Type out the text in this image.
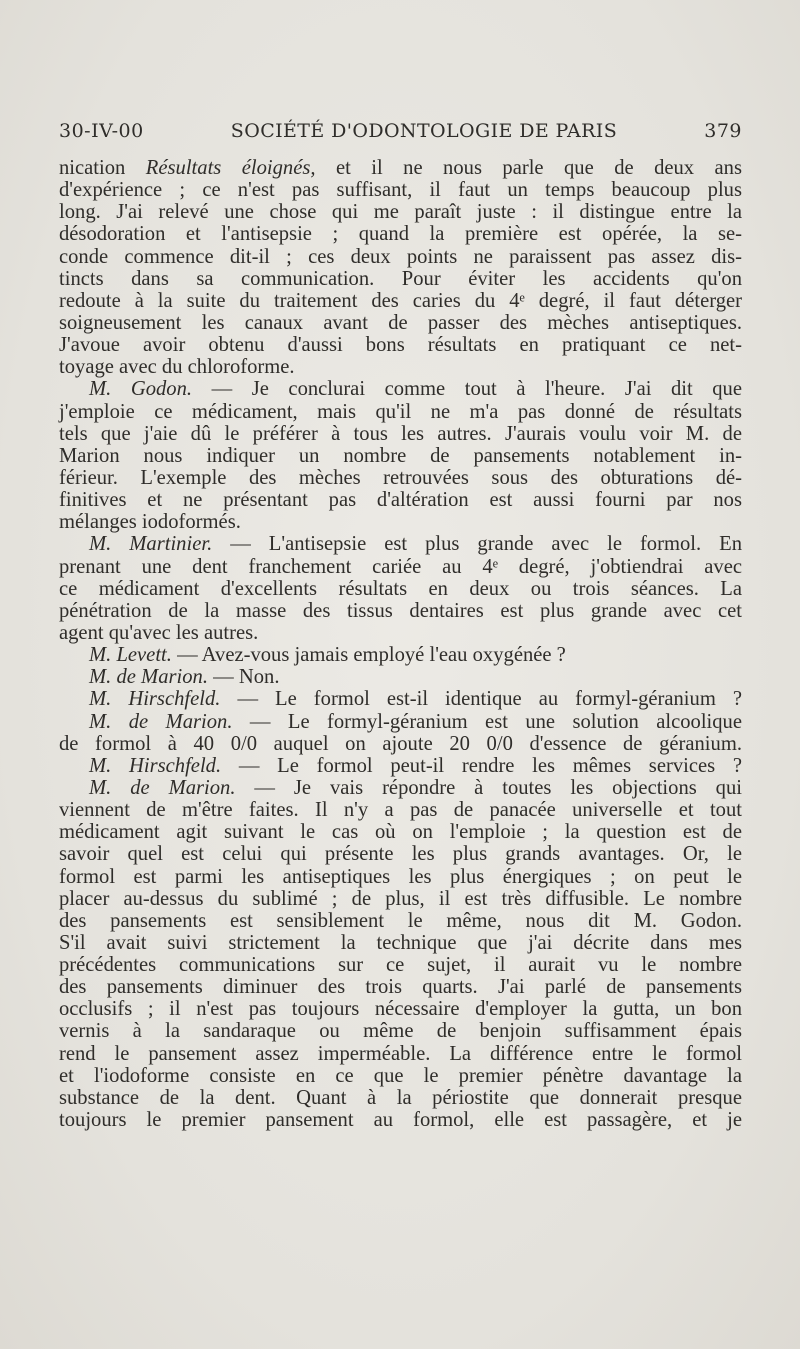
30-IV-00	SOCIÉTÉ D'ODONTOLOGIE DE PARIS	379
nication Résultats éloignés, et il ne nous parle que de deux ans
d'expérience ; ce n'est pas suffisant, il faut un temps beaucoup plus
long. J'ai relevé une chose qui me paraît juste : il distingue entre la
désodoration et l'antisepsie ; quand la première est opérée, la se-
conde commence dit-il ; ces deux points ne paraissent pas assez dis-
tincts dans sa communication. Pour éviter les accidents qu'on
redoute à la suite du traitement des caries du 4ᵉ degré, il faut déterger
soigneusement les canaux avant de passer des mèches antiseptiques.
J'avoue avoir obtenu d'aussi bons résultats en pratiquant ce net-
toyage avec du chloroforme.
M. Godon. — Je conclurai comme tout à l'heure. J'ai dit que
j'emploie ce médicament, mais qu'il ne m'a pas donné de résultats
tels que j'aie dû le préférer à tous les autres. J'aurais voulu voir M. de
Marion nous indiquer un nombre de pansements notablement in-
férieur. L'exemple des mèches retrouvées sous des obturations dé-
finitives et ne présentant pas d'altération est aussi fourni par nos
mélanges iodoformés.
M. Martinier. — L'antisepsie est plus grande avec le formol. En
prenant une dent franchement cariée au 4ᵉ degré, j'obtiendrai avec
ce médicament d'excellents résultats en deux ou trois séances. La
pénétration de la masse des tissus dentaires est plus grande avec cet
agent qu'avec les autres.
M. Levett. — Avez-vous jamais employé l'eau oxygénée ?
M. de Marion. — Non.
M. Hirschfeld. — Le formol est-il identique au formyl-géranium ?
M. de Marion. — Le formyl-géranium est une solution alcoolique
de formol à 40 0/0 auquel on ajoute 20 0/0 d'essence de géranium.
M. Hirschfeld. — Le formol peut-il rendre les mêmes services ?
M. de Marion. — Je vais répondre à toutes les objections qui
viennent de m'être faites. Il n'y a pas de panacée universelle et tout
médicament agit suivant le cas où on l'emploie ; la question est de
savoir quel est celui qui présente les plus grands avantages. Or, le
formol est parmi les antiseptiques les plus énergiques ; on peut le
placer au-dessus du sublimé ; de plus, il est très diffusible. Le nombre
des pansements est sensiblement le même, nous dit M. Godon.
S'il avait suivi strictement la technique que j'ai décrite dans mes
précédentes communications sur ce sujet, il aurait vu le nombre
des pansements diminuer des trois quarts. J'ai parlé de pansements
occlusifs ; il n'est pas toujours nécessaire d'employer la gutta, un bon
vernis à la sandaraque ou même de benjoin suffisamment épais
rend le pansement assez imperméable. La différence entre le formol
et l'iodoforme consiste en ce que le premier pénètre davantage la
substance de la dent. Quant à la périostite que donnerait presque
toujours le premier pansement au formol, elle est passagère, et je
